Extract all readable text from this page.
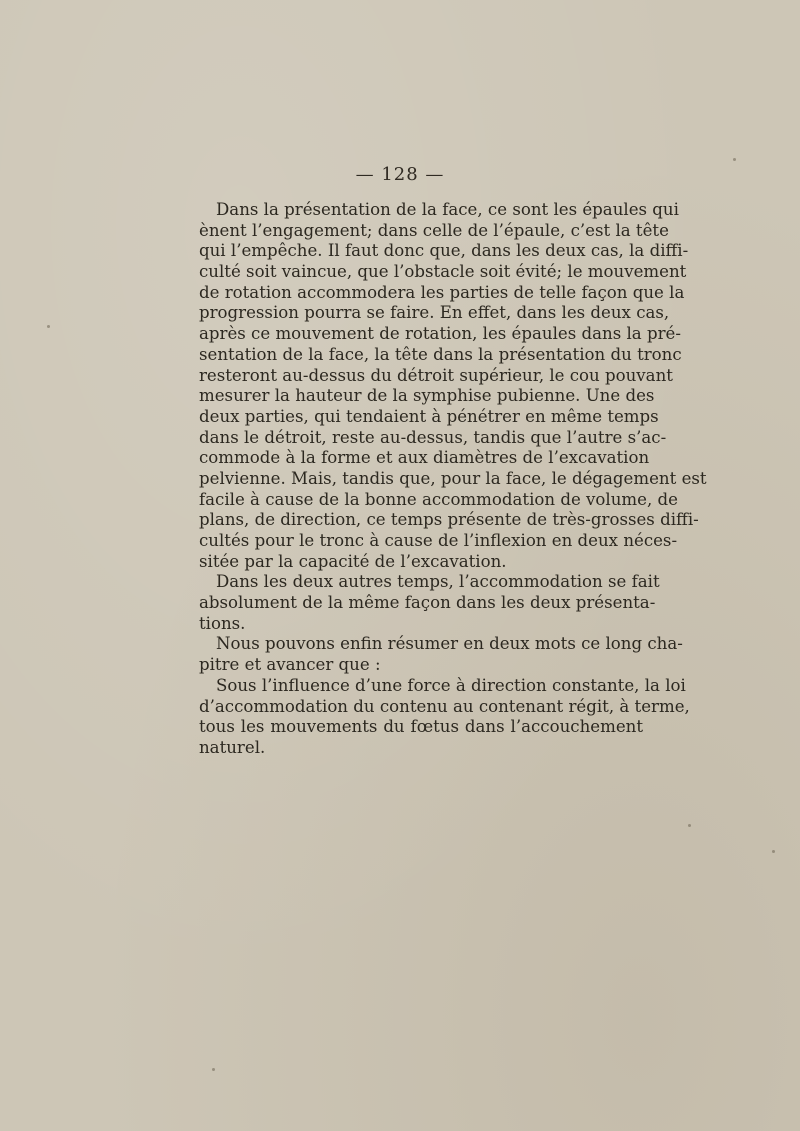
— 128 —
Dans la présentation de la face, ce sont les épaules qui
ènent l’engagement; dans celle de l’épaule, c’est la tête
qui l’empêche. Il faut donc que, dans les deux cas, la diffi-
culté soit vaincue, que l’obstacle soit évité; le mouvement
de rotation accommodera les parties de telle façon que la
progression pourra se faire. En effet, dans les deux cas,
après ce mouvement de rotation, les épaules dans la pré-
sentation de la face, la tête dans la présentation du tronc
resteront au-dessus du détroit supérieur, le cou pouvant
mesurer la hauteur de la symphise pubienne. Une des
deux parties, qui tendaient à pénétrer en même temps
dans le détroit, reste au-dessus, tandis que l’autre s’ac-
commode à la forme et aux diamètres de l’excavation
pelvienne. Mais, tandis que, pour la face, le dégagement est
facile à cause de la bonne accommodation de volume, de
plans, de direction, ce temps présente de très-grosses diffi-
cultés pour le tronc à cause de l’inflexion en deux néces-
sitée par la capacité de l’excavation.
Dans les deux autres temps, l’accommodation se fait
absolument de la même façon dans les deux présenta-
tions.
Nous pouvons enfin résumer en deux mots ce long cha-
pitre et avancer que :
Sous l’influence d’une force à direction constante, la loi
d’accommodation du contenu au contenant régit, à terme,
tous les mouvements du fœtus dans l’accouchement
naturel.
